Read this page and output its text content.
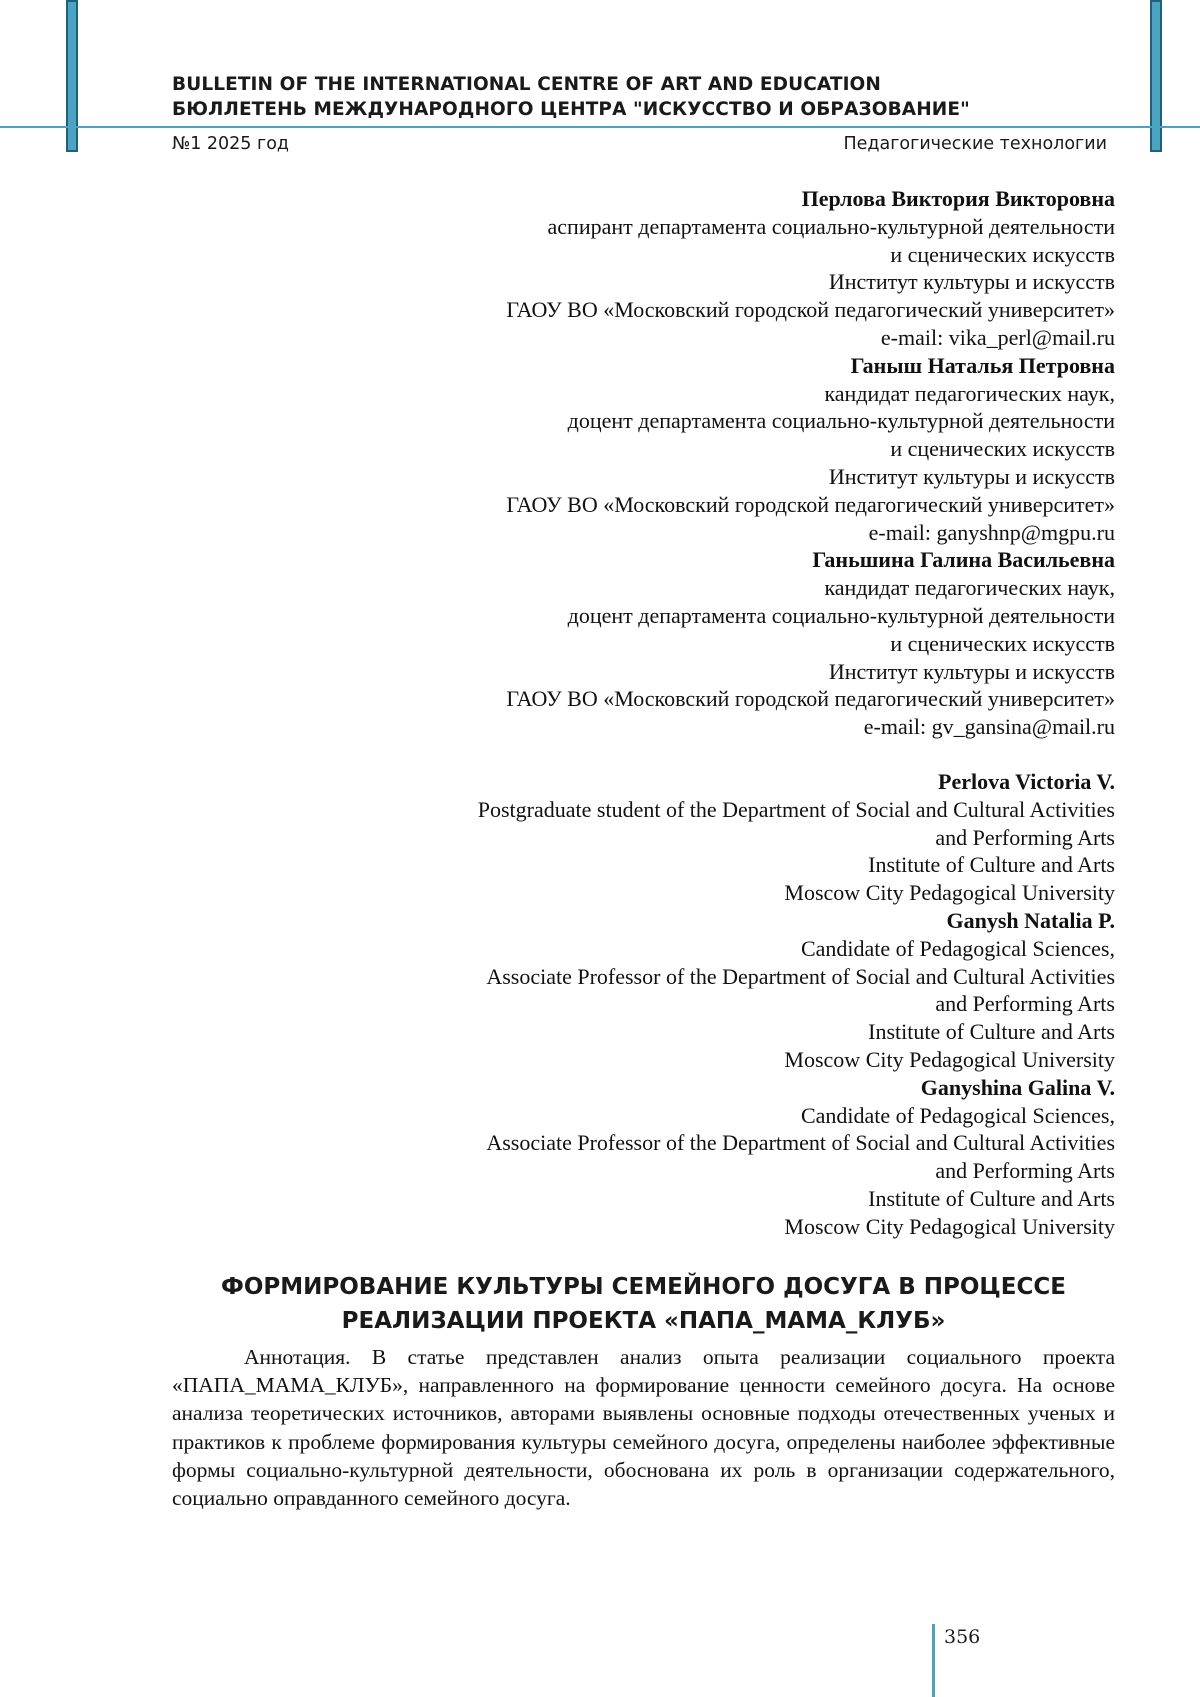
BULLETIN OF THE INTERNATIONAL CENTRE OF ART AND EDUCATION
БЮЛЛЕТЕНЬ МЕЖДУНАРОДНОГО ЦЕНТРА "ИСКУССТВО И ОБРАЗОВАНИЕ"
№1 2025 год	Педагогические технологии
Перлова Виктория Викторовна
аспирант департамента социально-культурной деятельности
и сценических искусств
Институт культуры и искусств
ГАОУ ВО «Московский городской педагогический университет»
e-mail: vika_perl@mail.ru
Ганыш Наталья Петровна
кандидат педагогических наук,
доцент департамента социально-культурной деятельности
и сценических искусств
Институт культуры и искусств
ГАОУ ВО «Московский городской педагогический университет»
e-mail: ganyshnp@mgpu.ru
Ганьшина Галина Васильевна
кандидат педагогических наук,
доцент департамента социально-культурной деятельности
и сценических искусств
Институт культуры и искусств
ГАОУ ВО «Московский городской педагогический университет»
e-mail: gv_gansina@mail.ru
Perlova Victoria V.
Postgraduate student of the Department of Social and Cultural Activities
and Performing Arts
Institute of Culture and Arts
Moscow City Pedagogical University
Ganysh Natalia P.
Candidate of Pedagogical Sciences,
Associate Professor of the Department of Social and Cultural Activities
and Performing Arts
Institute of Culture and Arts
Moscow City Pedagogical University
Ganyshina Galina V.
Candidate of Pedagogical Sciences,
Associate Professor of the Department of Social and Cultural Activities
and Performing Arts
Institute of Culture and Arts
Moscow City Pedagogical University
ФОРМИРОВАНИЕ КУЛЬТУРЫ СЕМЕЙНОГО ДОСУГА В ПРОЦЕССЕ
РЕАЛИЗАЦИИ ПРОЕКТА «ПАПА_МАМА_КЛУБ»
Аннотация. В статье представлен анализ опыта реализации социального проекта «ПАПА_МАМА_КЛУБ», направленного на формирование ценности семейного досуга. На основе анализа теоретических источников, авторами выявлены основные подходы отечественных ученых и практиков к проблеме формирования культуры семейного досуга, определены наиболее эффективные формы социально-культурной деятельности, обоснована их роль в организации содержательного, социально оправданного семейного досуга.
356
